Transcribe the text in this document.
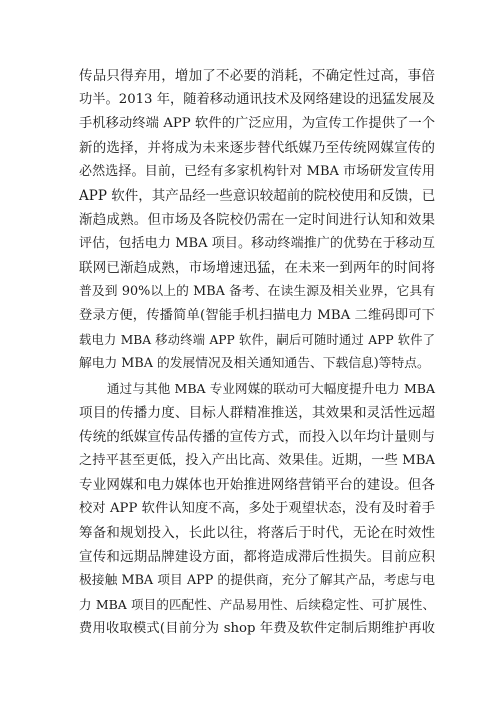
传品只得弃用，增加了不必要的消耗，不确定性过高，事倍
功半。2013 年，随着移动通讯技术及网络建设的迅猛发展及
手机移动终端 APP 软件的广泛应用，为宣传工作提供了一个
新的选择，并将成为未来逐步替代纸媒乃至传统网媒宣传的
必然选择。目前，已经有多家机构针对 MBA 市场研发宣传用
APP 软件，其产品经一些意识较超前的院校使用和反馈，已
渐趋成熟。但市场及各院校仍需在一定时间进行认知和效果
评估，包括电力 MBA 项目。移动终端推广的优势在于移动互
联网已渐趋成熟，市场增速迅猛，在未来一到两年的时间将
普及到 90%以上的 MBA 备考、在读生源及相关业界，它具有
登录方便，传播简单(智能手机扫描电力 MBA 二维码即可下
载电力 MBA 移动终端 APP 软件，嗣后可随时通过 APP 软件了
解电力 MBA 的发展情况及相关通知通告、下载信息)等特点。
通过与其他 MBA 专业网媒的联动可大幅度提升电力 MBA
项目的传播力度、目标人群精准推送，其效果和灵活性远超
传统的纸媒宣传品传播的宣传方式，而投入以年均计量则与
之持平甚至更低，投入产出比高、效果佳。近期，一些 MBA
专业网媒和电力媒体也开始推进网络营销平台的建设。但各
校对 APP 软件认知度不高，多处于观望状态，没有及时着手
筹备和规划投入，长此以往，将落后于时代，无论在时效性
宣传和远期品牌建设方面，都将造成滞后性损失。目前应积
极接触 MBA 项目 APP 的提供商，充分了解其产品，考虑与电
力 MBA 项目的匹配性、产品易用性、后续稳定性、可扩展性、
费用收取模式(目前分为 shop 年费及软件定制后期维护再收
